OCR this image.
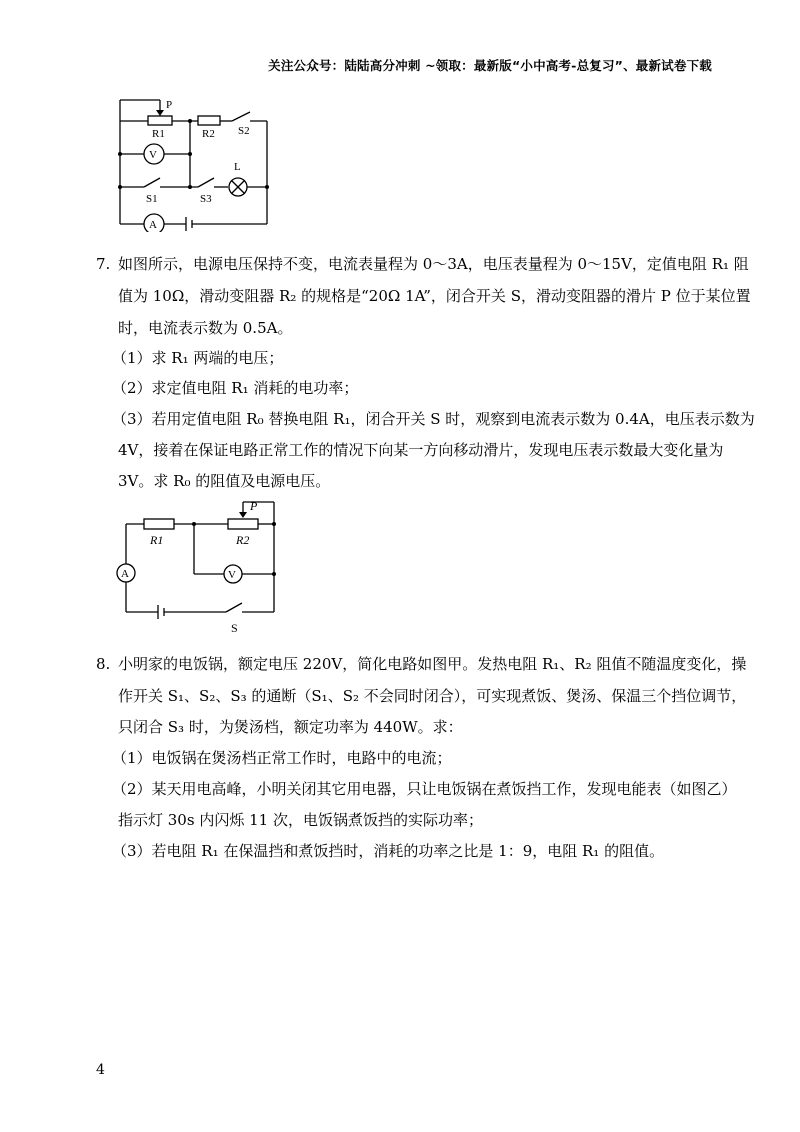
关注公众号：陆陆高分冲刺 ~领取：最新版“小中高考-总复习”、最新试卷下载
P
R1	R2 S2
V
L
S1	S3
A
7. 如图所示，电源电压保持不变，电流表量程为 0～3A，电压表量程为 0～15V，定值电阻 R₁ 阻
值为 10Ω，滑动变阻器 R₂ 的规格是“20Ω 1A”，闭合开关 S，滑动变阻器的滑片 P 位于某位置
时，电流表示数为 0.5A。
（1）求 R₁ 两端的电压；
（2）求定值电阻 R₁ 消耗的电功率；
（3）若用定值电阻 R₀ 替换电阻 R₁，闭合开关 S 时，观察到电流表示数为 0.4A，电压表示数为
4V，接着在保证电路正常工作的情况下向某一方向移动滑片，发现电压表示数最大变化量为
3V。求 R₀ 的阻值及电源电压。
P
R1	R2
A	V
S
8. 小明家的电饭锅，额定电压 220V，简化电路如图甲。发热电阻 R₁、R₂ 阻值不随温度变化，操
作开关 S₁、S₂、S₃ 的通断（S₁、S₂ 不会同时闭合），可实现煮饭、煲汤、保温三个挡位调节，
只闭合 S₃ 时，为煲汤档，额定功率为 440W。求：
（1）电饭锅在煲汤档正常工作时，电路中的电流；
（2）某天用电高峰，小明关闭其它用电器，只让电饭锅在煮饭挡工作，发现电能表（如图乙）
指示灯 30s 内闪烁 11 次，电饭锅煮饭挡的实际功率；
（3）若电阻 R₁ 在保温挡和煮饭挡时，消耗的功率之比是 1：9，电阻 R₁ 的阻值。
4
